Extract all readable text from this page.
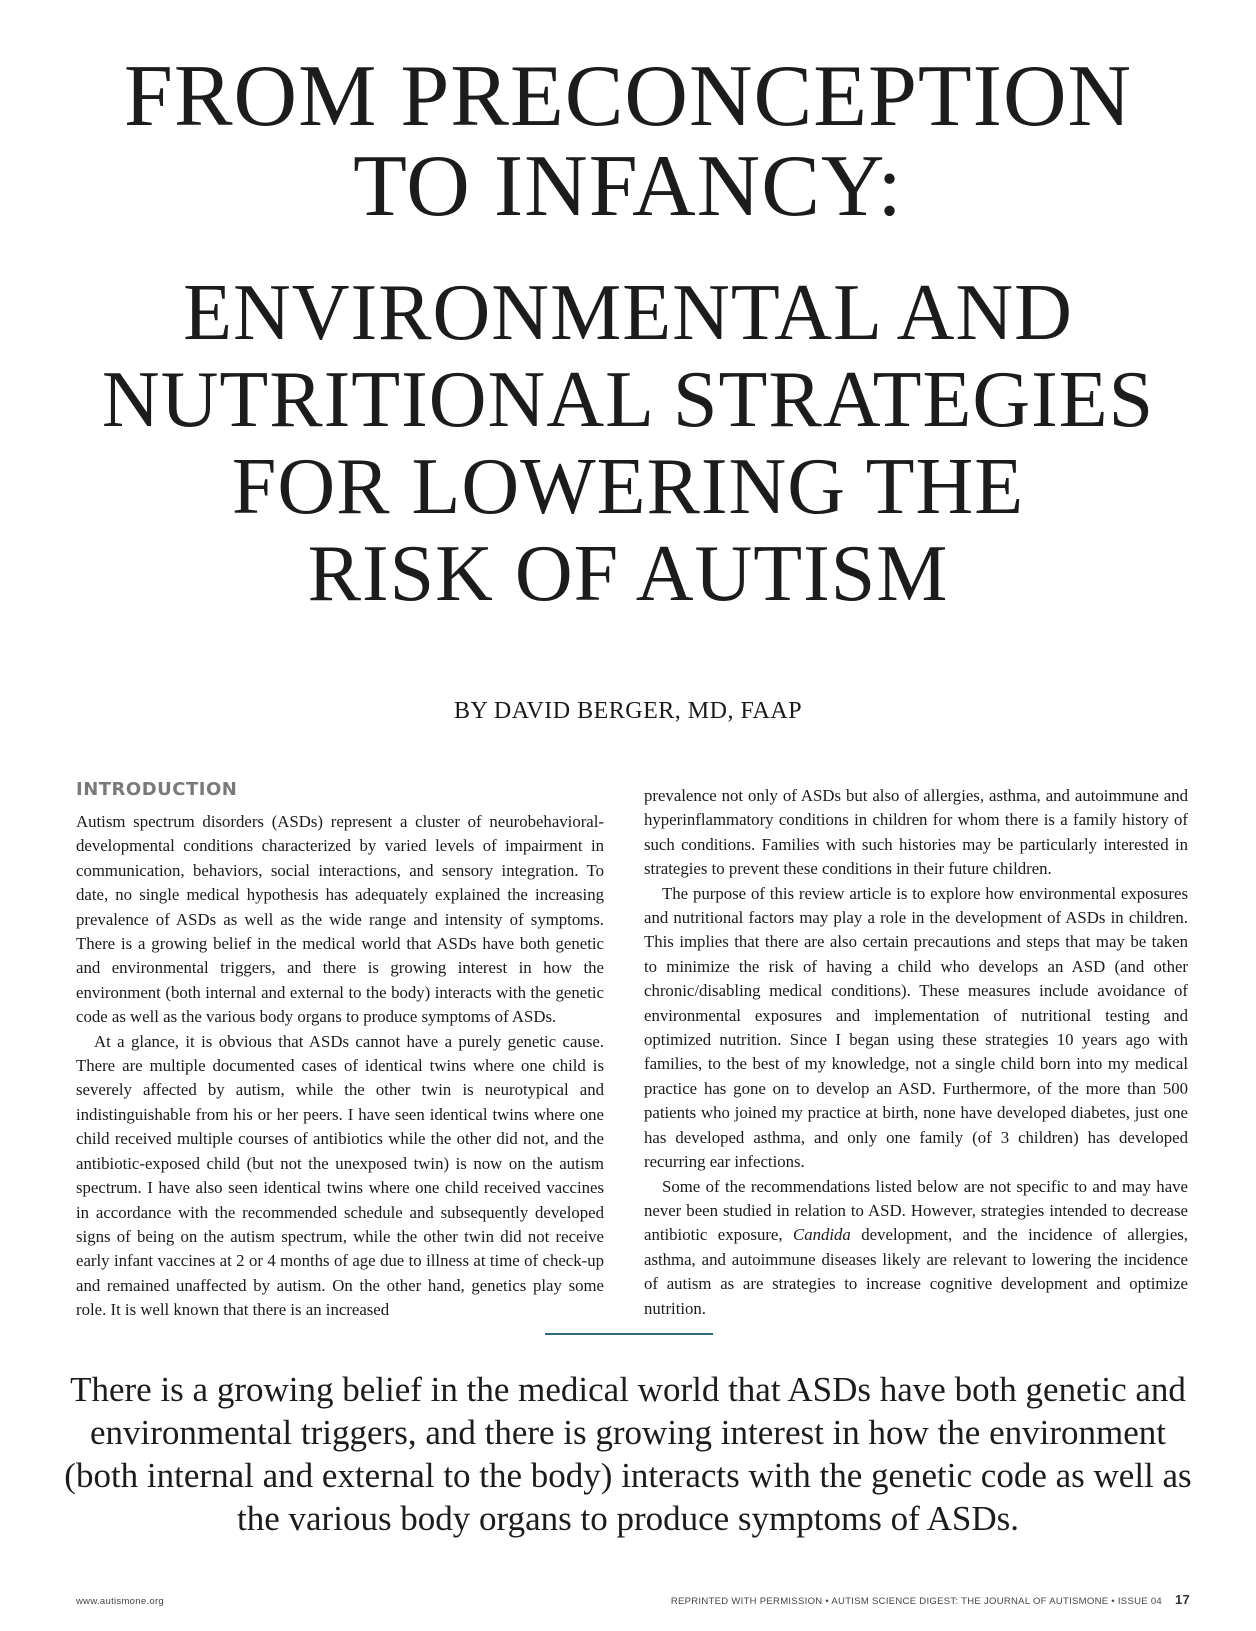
FROM PRECONCEPTION
TO INFANCY:
ENVIRONMENTAL AND
NUTRITIONAL STRATEGIES
FOR LOWERING THE
RISK OF AUTISM
BY DAVID BERGER, MD, FAAP
INTRODUCTION

Autism spectrum disorders (ASDs) represent a cluster of neurobehavioral-developmental conditions characterized by varied levels of impairment in communication, behaviors, social interactions, and sensory integration. To date, no single medical hypothesis has adequately explained the increasing prevalence of ASDs as well as the wide range and intensity of symptoms. There is a growing belief in the medical world that ASDs have both genetic and environmental triggers, and there is growing interest in how the environment (both internal and external to the body) interacts with the genetic code as well as the various body organs to produce symptoms of ASDs.

At a glance, it is obvious that ASDs cannot have a purely genetic cause. There are multiple documented cases of identical twins where one child is severely affected by autism, while the other twin is neurotypical and indistinguishable from his or her peers. I have seen identical twins where one child received multiple courses of antibiotics while the other did not, and the antibiotic-exposed child (but not the unexposed twin) is now on the autism spectrum. I have also seen identical twins where one child received vaccines in accordance with the recommended schedule and subsequently developed signs of being on the autism spectrum, while the other twin did not receive early infant vaccines at 2 or 4 months of age due to illness at time of check-up and remained unaffected by autism. On the other hand, genetics play some role. It is well known that there is an increased

prevalence not only of ASDs but also of allergies, asthma, and autoimmune and hyperinflammatory conditions in children for whom there is a family history of such conditions. Families with such histories may be particularly interested in strategies to prevent these conditions in their future children.

The purpose of this review article is to explore how environmental exposures and nutritional factors may play a role in the development of ASDs in children. This implies that there are also certain precautions and steps that may be taken to minimize the risk of having a child who develops an ASD (and other chronic/disabling medical conditions). These measures include avoidance of environmental exposures and implementation of nutritional testing and optimized nutrition. Since I began using these strategies 10 years ago with families, to the best of my knowledge, not a single child born into my medical practice has gone on to develop an ASD. Furthermore, of the more than 500 patients who joined my practice at birth, none have developed diabetes, just one has developed asthma, and only one family (of 3 children) has developed recurring ear infections.

Some of the recommendations listed below are not specific to and may have never been studied in relation to ASD. However, strategies intended to decrease antibiotic exposure, Candida development, and the incidence of allergies, asthma, and autoimmune diseases likely are relevant to lowering the incidence of autism as are strategies to increase cognitive development and optimize nutrition.

There is a growing belief in the medical world that ASDs have both genetic and environmental triggers, and there is growing interest in how the environment (both internal and external to the body) interacts with the genetic code as well as the various body organs to produce symptoms of ASDs.
www.autismone.org	REPRINTED WITH PERMISSION • AUTISM SCIENCE DIGEST: THE JOURNAL OF AUTISMONE • ISSUE 04 17
